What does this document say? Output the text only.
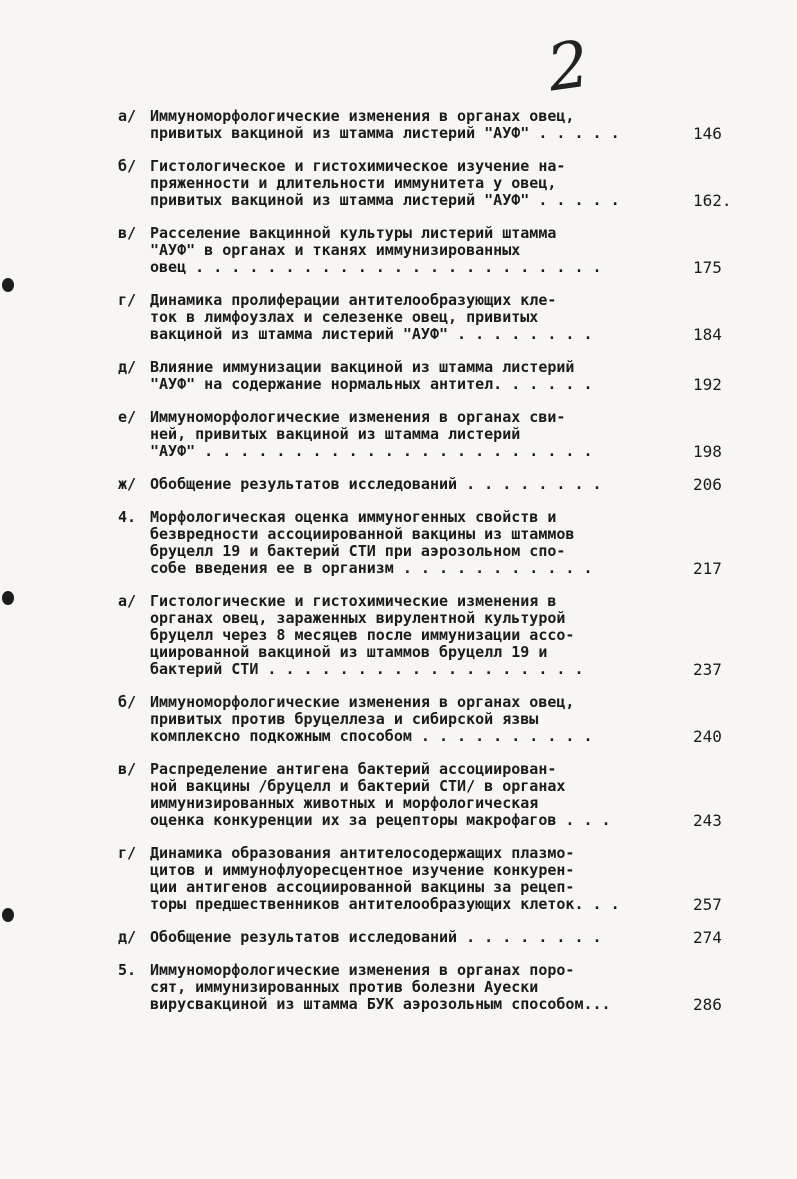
2
а/ Иммуноморфологические изменения в органах овец,
привитых вакциной из штамма листерий "АУФ" . . . . .	146
б/ Гистологическое и гистохимическое изучение на-
пряженности и длительности иммунитета у овец,
привитых вакциной из штамма листерий "АУФ" . . . . .	162.
в/ Расселение вакцинной культуры листерий штамма
"АУФ" в органах и тканях иммунизированных
овец . . . . . . . . . . . . . . . . . . . . . . .	175
г/ Динамика пролиферации антителообразующих кле-
ток в лимфоузлах и селезенке овец, привитых
вакциной из штамма листерий "АУФ" . . . . . . . .	184
д/ Влияние иммунизации вакциной из штамма листерий
"АУФ" на содержание нормальных антител. . . . . .	192
е/ Иммуноморфологические изменения в органах сви-
ней, привитых вакциной из штамма листерий
"АУФ" . . . . . . . . . . . . . . . . . . . . . .	198
ж/ Обобщение результатов исследований . . . . . . . .	206
4. Морфологическая оценка иммуногенных свойств и
безвредности ассоциированной вакцины из штаммов
бруцелл 19 и бактерий СТИ при аэрозольном спо-
собе введения ее в организм . . . . . . . . . . .	217
а/ Гистологические и гистохимические изменения в
органах овец, зараженных вирулентной культурой
бруцелл через 8 месяцев после иммунизации ассо-
циированной вакциной из штаммов бруцелл 19 и
бактерий СТИ . . . . . . . . . . . . . . . . . .	237
б/ Иммуноморфологические изменения в органах овец,
привитых против бруцеллеза и сибирской язвы
комплексно подкожным способом . . . . . . . . . .	240
в/ Распределение антигена бактерий ассоциирован-
ной вакцины /бруцелл и бактерий СТИ/ в органах
иммунизированных животных и морфологическая
оценка конкуренции их за рецепторы макрофагов . . .	243
г/ Динамика образования антителосодержащих плазмо-
цитов и иммунофлуоресцентное изучение конкурен-
ции антигенов ассоциированной вакцины за рецеп-
торы предшественников антителообразующих клеток. . .	257
д/ Обобщение результатов исследований . . . . . . . .	274
5. Иммуноморфологические изменения в органах поро-
сят, иммунизированных против болезни Ауески
вирусвакциной из штамма БУК аэрозольным способом...	286
